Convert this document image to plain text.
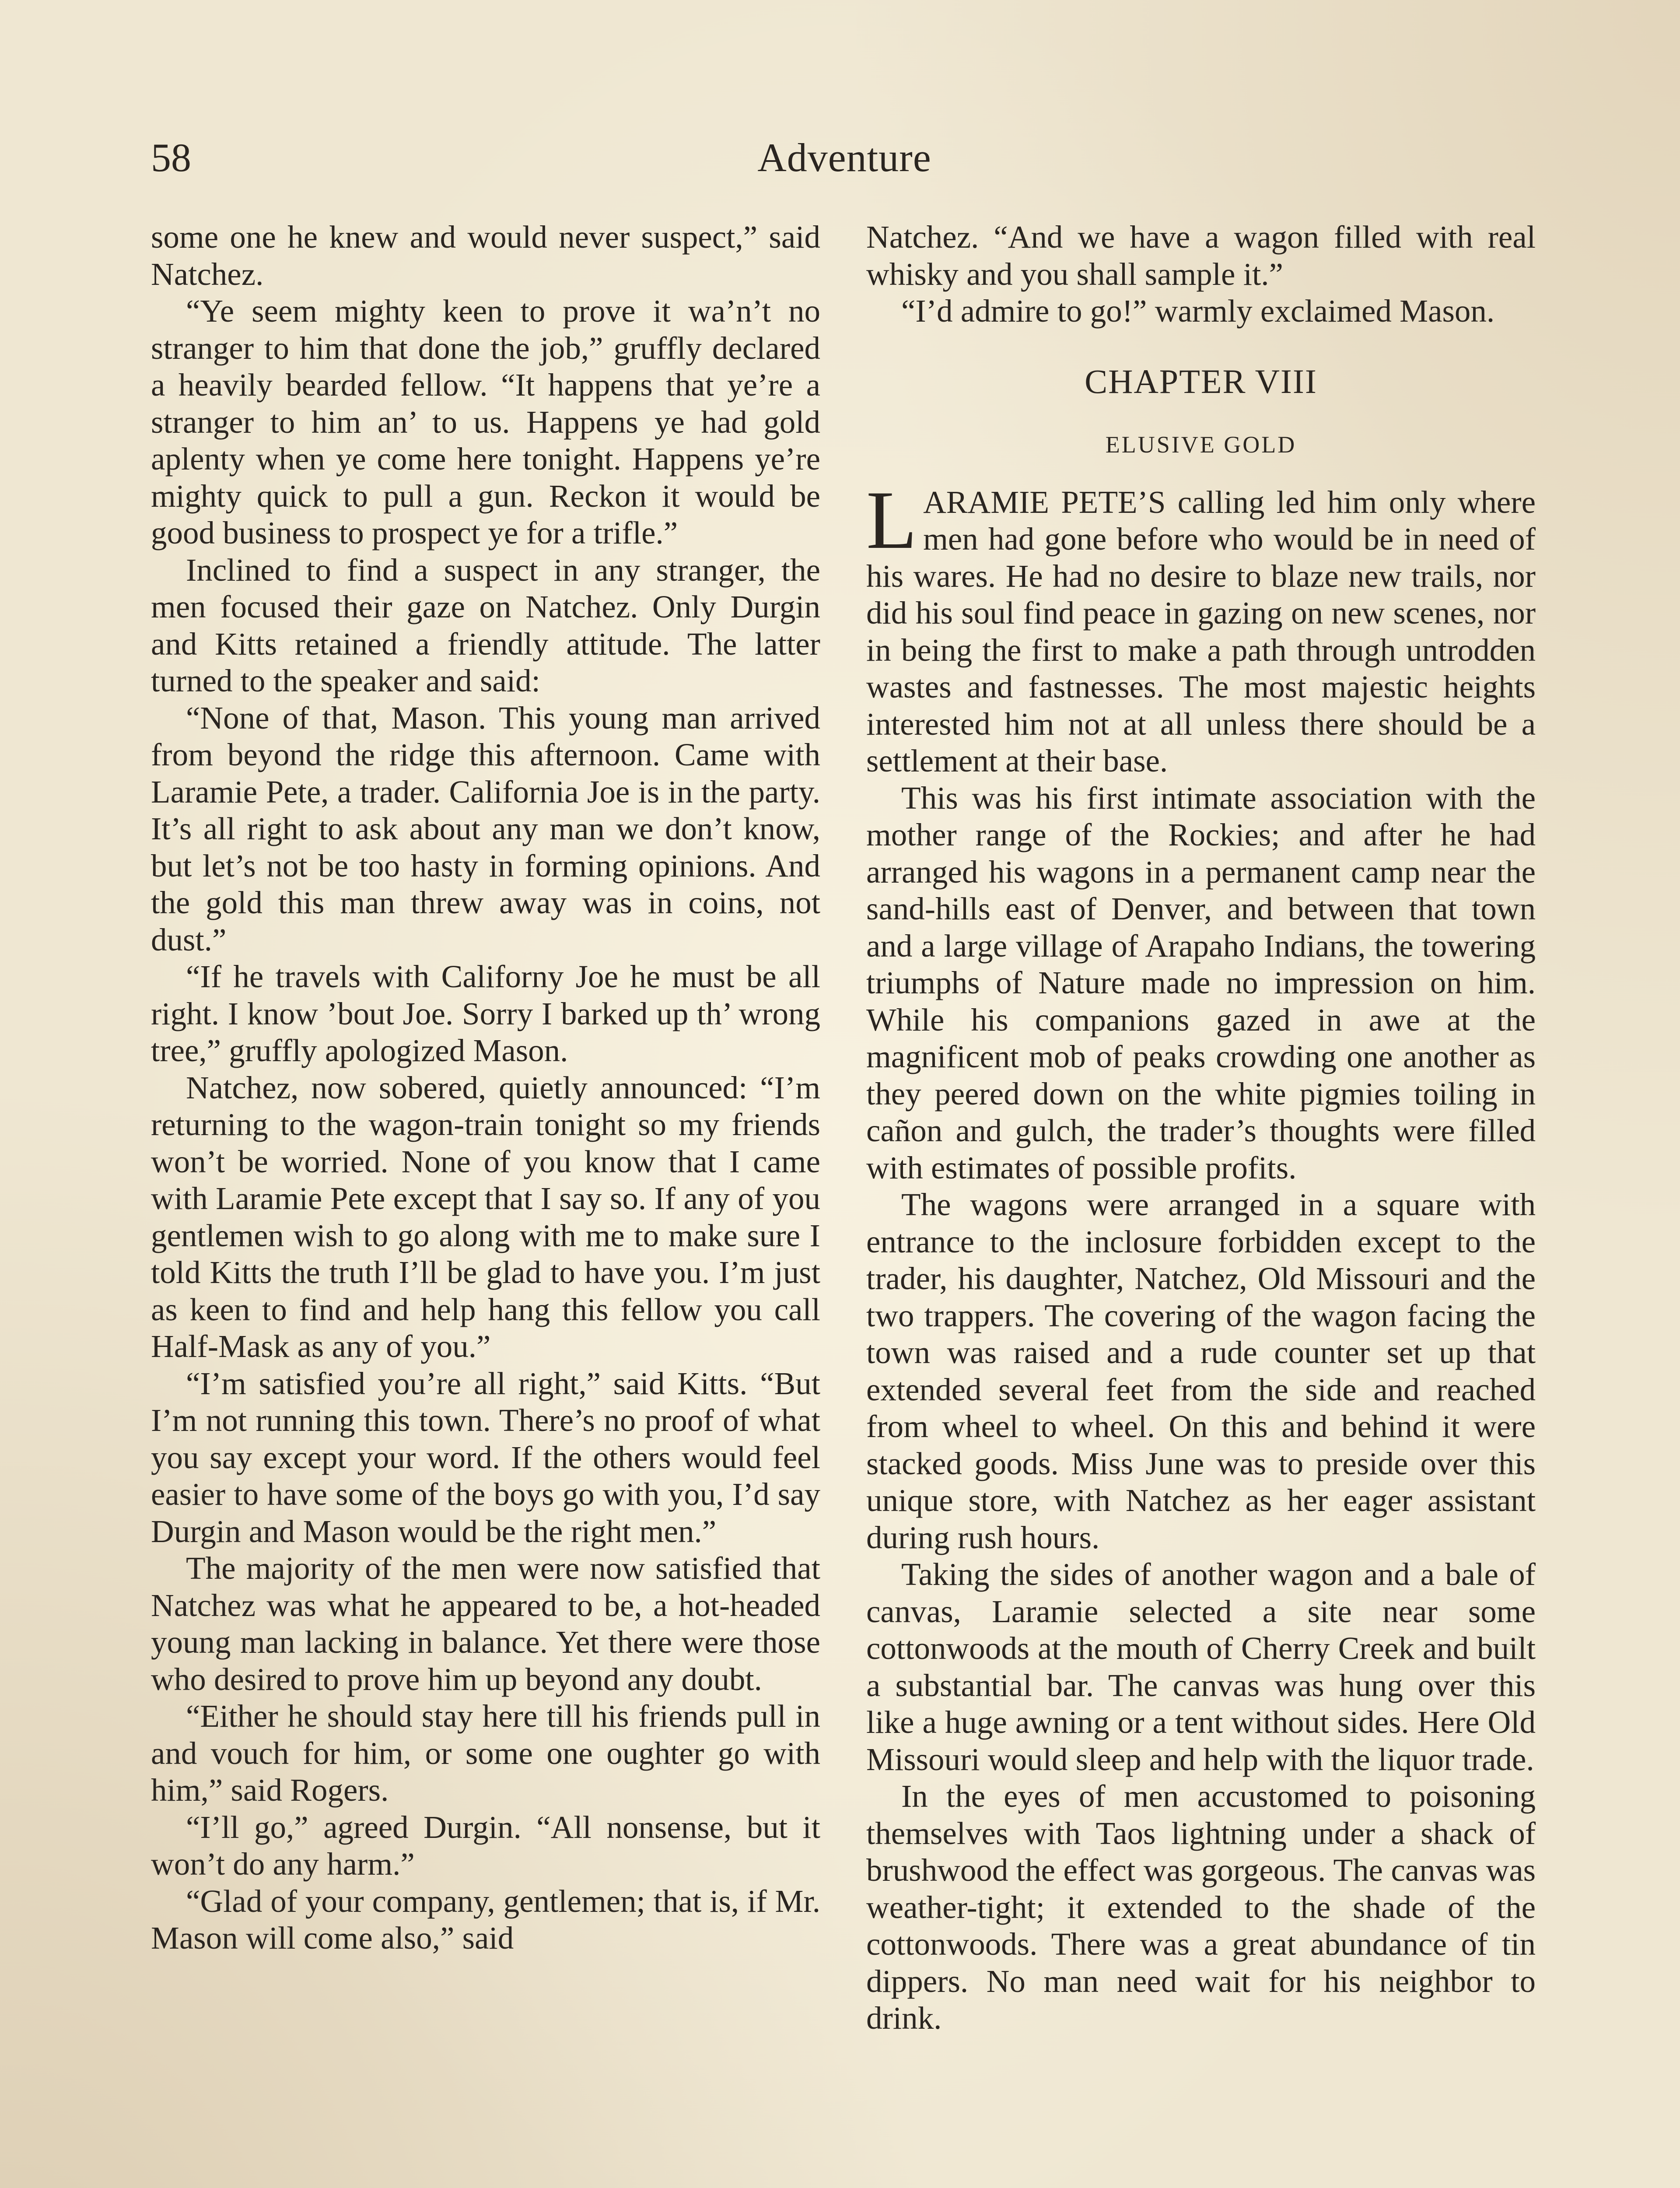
58	Adventure

some one he knew and would never suspect,” said Natchez.

“Ye seem mighty keen to prove it wa’n’t no stranger to him that done the job,” gruffly declared a heavily bearded fellow. “It happens that ye’re a stranger to him an’ to us. Happens ye had gold aplenty when ye come here tonight. Happens ye’re mighty quick to pull a gun. Reckon it would be good business to prospect ye for a trifle.”

Inclined to find a suspect in any stranger, the men focused their gaze on Natchez. Only Durgin and Kitts retained a friendly attitude. The latter turned to the speaker and said:

“None of that, Mason. This young man arrived from beyond the ridge this afternoon. Came with Laramie Pete, a trader. California Joe is in the party. It’s all right to ask about any man we don’t know, but let’s not be too hasty in forming opinions. And the gold this man threw away was in coins, not dust.”

“If he travels with Californy Joe he must be all right. I know ’bout Joe. Sorry I barked up th’ wrong tree,” gruffly apologized Mason.

Natchez, now sobered, quietly announced: “I’m returning to the wagon-train tonight so my friends won’t be worried. None of you know that I came with Laramie Pete except that I say so. If any of you gentlemen wish to go along with me to make sure I told Kitts the truth I’ll be glad to have you. I’m just as keen to find and help hang this fellow you call Half-Mask as any of you.”

“I’m satisfied you’re all right,” said Kitts. “But I’m not running this town. There’s no proof of what you say except your word. If the others would feel easier to have some of the boys go with you, I’d say Durgin and Mason would be the right men.”

The majority of the men were now satisfied that Natchez was what he appeared to be, a hot-headed young man lacking in balance. Yet there were those who desired to prove him up beyond any doubt.

“Either he should stay here till his friends pull in and vouch for him, or some one oughter go with him,” said Rogers.

“I’ll go,” agreed Durgin. “All nonsense, but it won’t do any harm.”

“Glad of your company, gentlemen; that is, if Mr. Mason will come also,” said

Natchez. “And we have a wagon filled with real whisky and you shall sample it.”

“I’d admire to go!” warmly exclaimed Mason.

CHAPTER VIII
ELUSIVE GOLD

LARAMIE PETE’S calling led him only where men had gone before who would be in need of his wares. He had no desire to blaze new trails, nor did his soul find peace in gazing on new scenes, nor in being the first to make a path through untrodden wastes and fastnesses. The most majestic heights interested him not at all unless there should be a settlement at their base.

This was his first intimate association with the mother range of the Rockies; and after he had arranged his wagons in a permanent camp near the sand-hills east of Denver, and between that town and a large village of Arapaho Indians, the towering triumphs of Nature made no impression on him. While his companions gazed in awe at the magnificent mob of peaks crowding one another as they peered down on the white pigmies toiling in cañon and gulch, the trader’s thoughts were filled with estimates of possible profits.

The wagons were arranged in a square with entrance to the inclosure forbidden except to the trader, his daughter, Natchez, Old Missouri and the two trappers. The covering of the wagon facing the town was raised and a rude counter set up that extended several feet from the side and reached from wheel to wheel. On this and behind it were stacked goods. Miss June was to preside over this unique store, with Natchez as her eager assistant during rush hours.

Taking the sides of another wagon and a bale of canvas, Laramie selected a site near some cottonwoods at the mouth of Cherry Creek and built a substantial bar. The canvas was hung over this like a huge awning or a tent without sides. Here Old Missouri would sleep and help with the liquor trade.

In the eyes of men accustomed to poisoning themselves with Taos lightning under a shack of brushwood the effect was gorgeous. The canvas was weather-tight; it extended to the shade of the cottonwoods. There was a great abundance of tin dippers. No man need wait for his neighbor to drink.
